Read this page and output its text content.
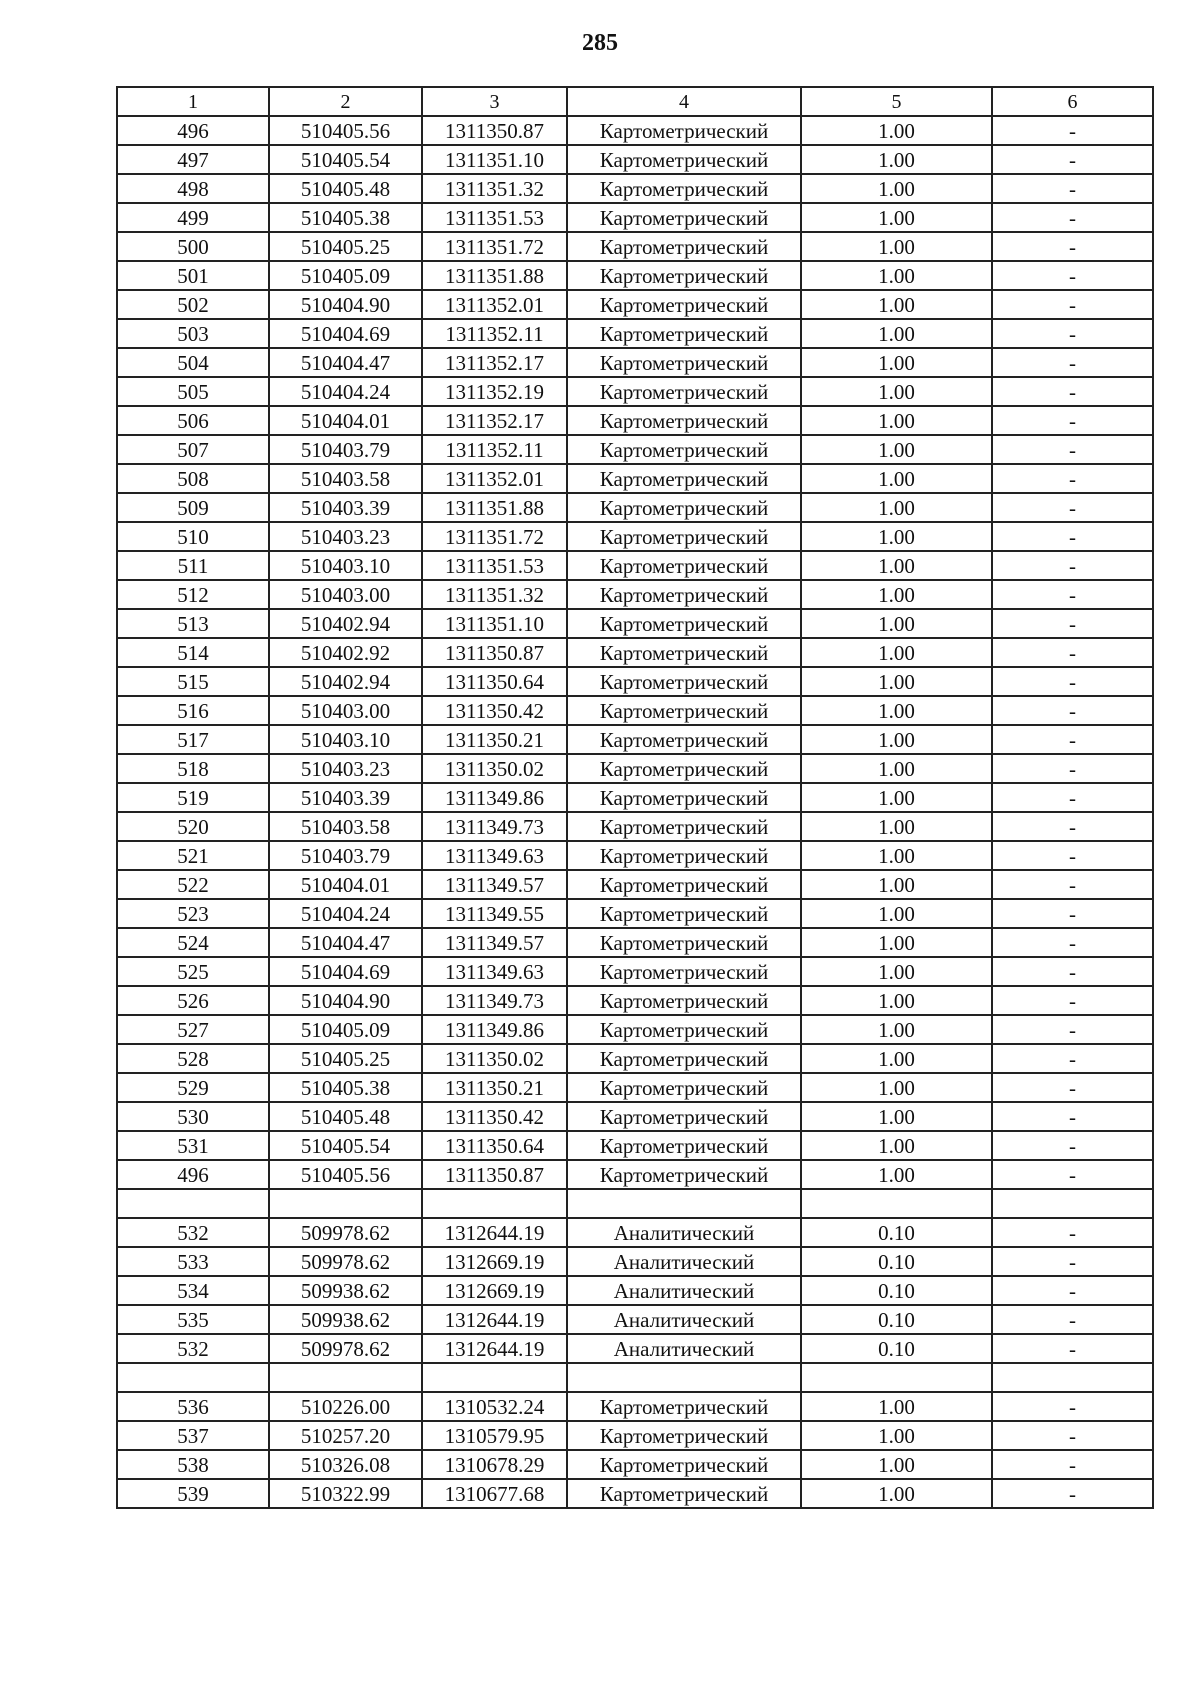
285
1	2	3	4	5	6
496	510405.56	1311350.87	Картометрический	1.00	-
497	510405.54	1311351.10	Картометрический	1.00	-
498	510405.48	1311351.32	Картометрический	1.00	-
499	510405.38	1311351.53	Картометрический	1.00	-
500	510405.25	1311351.72	Картометрический	1.00	-
501	510405.09	1311351.88	Картометрический	1.00	-
502	510404.90	1311352.01	Картометрический	1.00	-
503	510404.69	1311352.11	Картометрический	1.00	-
504	510404.47	1311352.17	Картометрический	1.00	-
505	510404.24	1311352.19	Картометрический	1.00	-
506	510404.01	1311352.17	Картометрический	1.00	-
507	510403.79	1311352.11	Картометрический	1.00	-
508	510403.58	1311352.01	Картометрический	1.00	-
509	510403.39	1311351.88	Картометрический	1.00	-
510	510403.23	1311351.72	Картометрический	1.00	-
511	510403.10	1311351.53	Картометрический	1.00	-
512	510403.00	1311351.32	Картометрический	1.00	-
513	510402.94	1311351.10	Картометрический	1.00	-
514	510402.92	1311350.87	Картометрический	1.00	-
515	510402.94	1311350.64	Картометрический	1.00	-
516	510403.00	1311350.42	Картометрический	1.00	-
517	510403.10	1311350.21	Картометрический	1.00	-
518	510403.23	1311350.02	Картометрический	1.00	-
519	510403.39	1311349.86	Картометрический	1.00	-
520	510403.58	1311349.73	Картометрический	1.00	-
521	510403.79	1311349.63	Картометрический	1.00	-
522	510404.01	1311349.57	Картометрический	1.00	-
523	510404.24	1311349.55	Картометрический	1.00	-
524	510404.47	1311349.57	Картометрический	1.00	-
525	510404.69	1311349.63	Картометрический	1.00	-
526	510404.90	1311349.73	Картометрический	1.00	-
527	510405.09	1311349.86	Картометрический	1.00	-
528	510405.25	1311350.02	Картометрический	1.00	-
529	510405.38	1311350.21	Картометрический	1.00	-
530	510405.48	1311350.42	Картометрический	1.00	-
531	510405.54	1311350.64	Картометрический	1.00	-
496	510405.56	1311350.87	Картометрический	1.00	-

532	509978.62	1312644.19	Аналитический	0.10	-
533	509978.62	1312669.19	Аналитический	0.10	-
534	509938.62	1312669.19	Аналитический	0.10	-
535	509938.62	1312644.19	Аналитический	0.10	-
532	509978.62	1312644.19	Аналитический	0.10	-

536	510226.00	1310532.24	Картометрический	1.00	-
537	510257.20	1310579.95	Картометрический	1.00	-
538	510326.08	1310678.29	Картометрический	1.00	-
539	510322.99	1310677.68	Картометрический	1.00	-
